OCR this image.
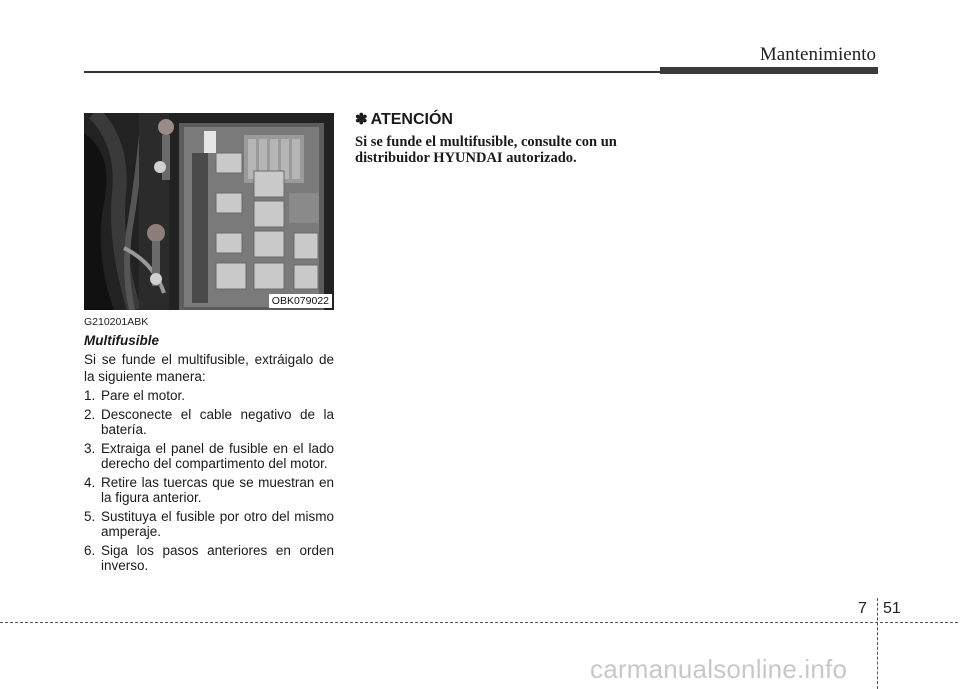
Mantenimiento
OBK079022

G210201ABK

Multifusible

Si se funde el multifusible, extráigalo de la siguiente manera:

1. Pare el motor.
2. Desconecte el cable negativo de la batería.
3. Extraiga el panel de fusible en el lado derecho del compartimento del motor.
4. Retire las tuercas que se muestran en la figura anterior.
5. Sustituya el fusible por otro del mismo amperaje.
6. Siga los pasos anteriores en orden inverso.

✽ ATENCIÓN

Si se funde el multifusible, consulte con un distribuidor HYUNDAI autorizado.

7 51
carmanualsonline.info
